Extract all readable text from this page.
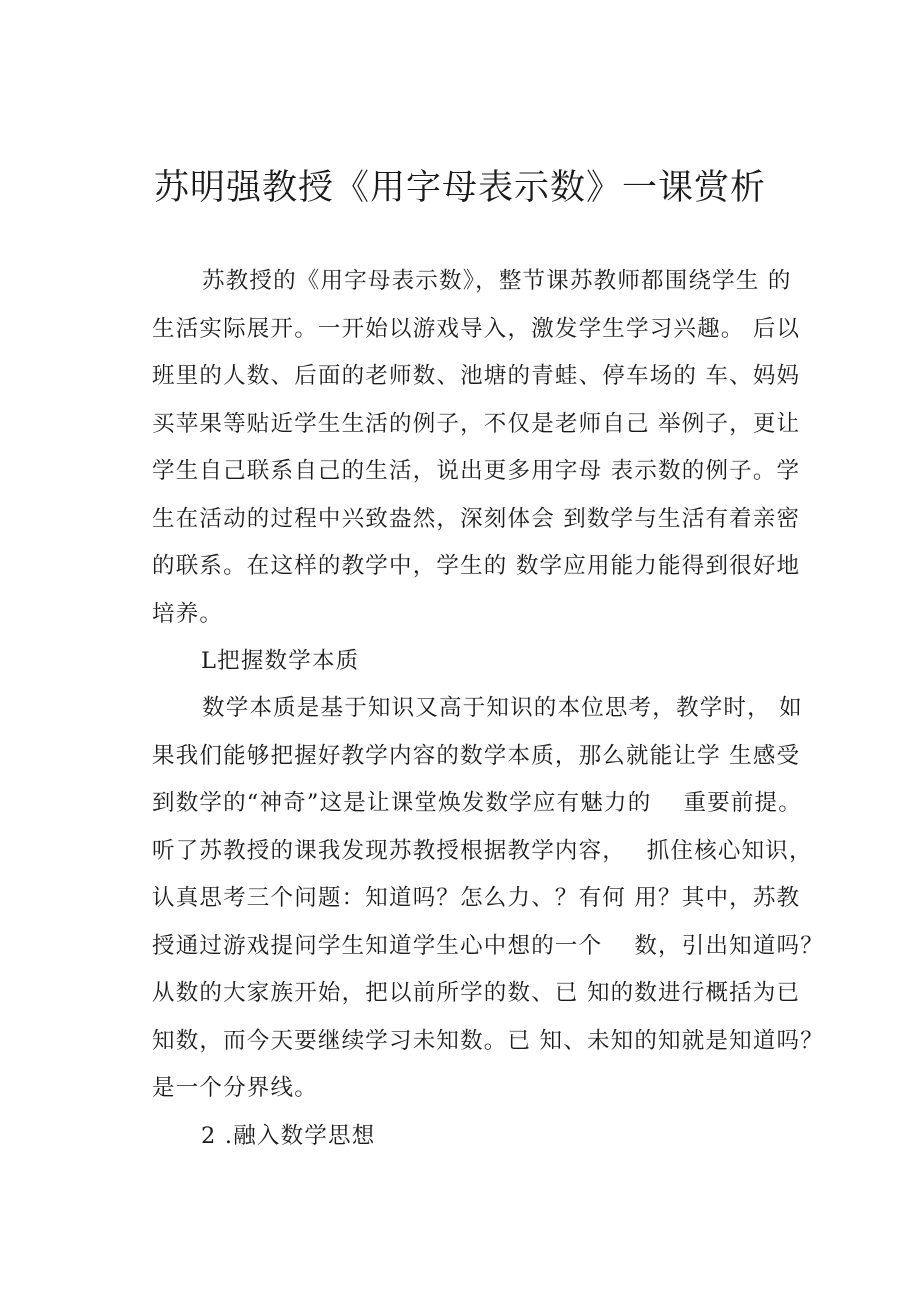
苏明强教授《用字母表示数》一课赏析

苏教授的《用字母表示数》，整节课苏教师都围绕学生 的
生活实际展开。一开始以游戏导入，激发学生学习兴趣。 后以
班里的人数、后面的老师数、池塘的青蛙、停车场的 车、妈妈
买苹果等贴近学生生活的例子，不仅是老师自己 举例子，更让
学生自己联系自己的生活，说出更多用字母 表示数的例子。学
生在活动的过程中兴致盎然，深刻体会 到数学与生活有着亲密
的联系。在这样的教学中，学生的 数学应用能力能得到很好地
培养。

L把握数学本质

数学本质是基于知识又高于知识的本位思考，教学时， 如
果我们能够把握好教学内容的数学本质，那么就能让学 生感受
到数学的“神奇”这是让课堂焕发数学应有魅力的　 重要前提。
听了苏教授的课我发现苏教授根据教学内容，　 抓住核心知识，
认真思考三个问题：知道吗？怎么力、？有何 用？其中，苏教
授通过游戏提问学生知道学生心中想的一个　 数，引出知道吗？
从数的大家族开始，把以前所学的数、已 知的数进行概括为已
知数，而今天要继续学习未知数。已 知、未知的知就是知道吗？
是一个分界线。

2 .融入数学思想
